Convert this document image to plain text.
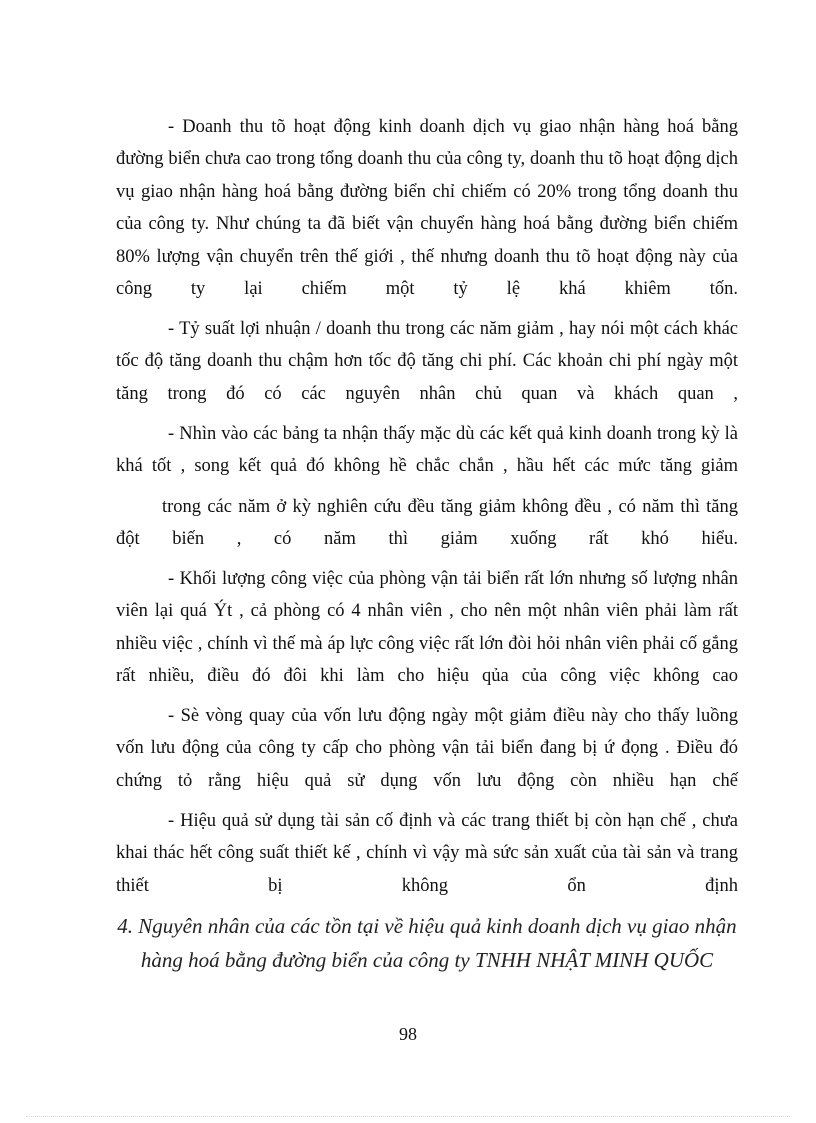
- Doanh thu tõ hoạt động kinh doanh dịch vụ giao nhận hàng hoá bằng đường biển chưa cao trong tổng doanh thu của công ty, doanh thu tõ hoạt động dịch vụ giao nhận hàng hoá bằng đường biển chỉ chiếm có 20% trong tổng doanh thu của công ty. Như chúng ta đã biết vận chuyển hàng hoá bằng đường biển chiếm 80% lượng vận chuyển trên thế giới , thế nhưng doanh thu tõ hoạt động này của công ty lại chiếm một tỷ lệ khá khiêm tốn.

- Tỷ suất lợi nhuận / doanh thu trong các năm giảm , hay nói một cách khác tốc độ tăng doanh thu chậm hơn tốc độ tăng chi phí. Các khoản chi phí ngày một tăng trong đó có các nguyên nhân chủ quan và khách quan ,

- Nhìn vào các bảng ta nhận thấy mặc dù các kết quả kinh doanh trong kỳ là khá tốt , song kết quả đó không hề chắc chắn , hầu hết các mức tăng giảm

trong các năm ở kỳ nghiên cứu đều tăng giảm không đều , có năm thì tăng đột biến , có năm thì giảm xuống rất khó hiểu.

- Khối lượng công việc của phòng vận tải biển rất lớn nhưng số lượng nhân viên lại quá Ýt , cả phòng có 4 nhân viên , cho nên một nhân viên phải làm rất nhiều việc , chính vì thế mà áp lực công việc rất lớn đòi hỏi nhân viên phải cố gắng rất nhiều, điều đó đôi khi làm cho hiệu qủa của công việc không cao

- Sè vòng quay của vốn lưu động ngày một giảm điều này cho thấy luồng vốn lưu động của công ty cấp cho phòng vận tải biển đang bị ứ đọng . Điều đó chứng tỏ rằng hiệu quả sử dụng vốn lưu động còn nhiều hạn chế

- Hiệu quả sử dụng tài sản cố định và các trang thiết bị còn hạn chế , chưa khai thác hết công suất thiết kế , chính vì vậy mà sức sản xuất của tài sản và trang thiết bị không ổn định

4. Nguyên nhân của các tồn tại về hiệu quả kinh doanh dịch vụ giao nhận hàng hoá bằng đường biển của công ty TNHH NHẬT MINH QUỐC
98
